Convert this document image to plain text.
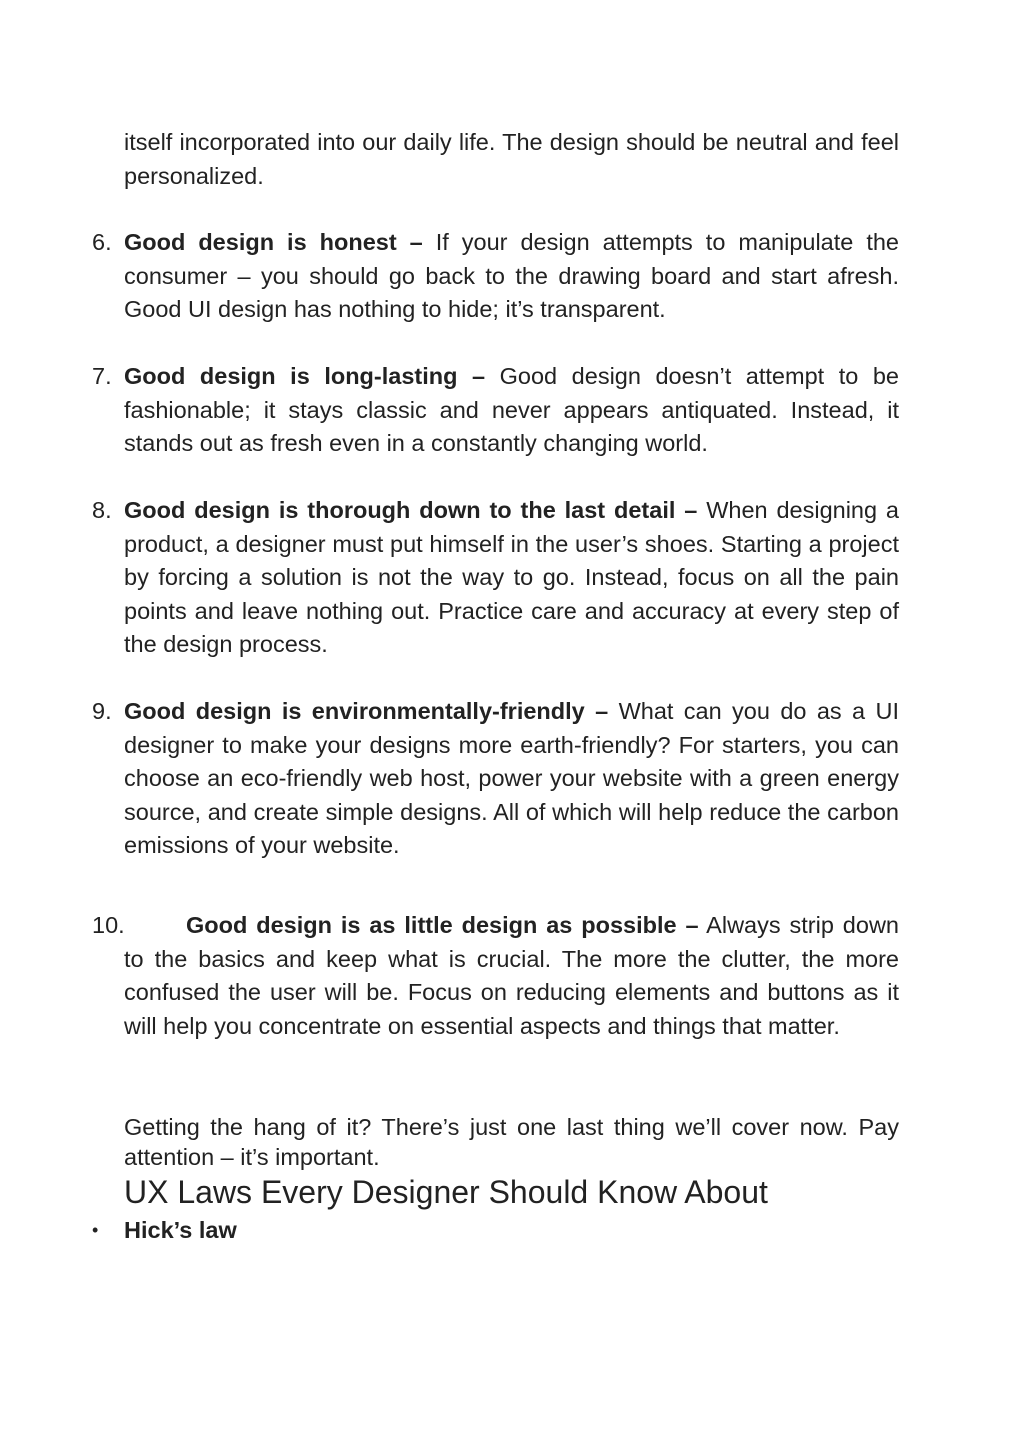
itself incorporated into our daily life. The design should be neutral and feel personalized.
6. Good design is honest – If your design attempts to manipulate the consumer – you should go back to the drawing board and start afresh. Good UI design has nothing to hide; it’s transparent.
7. Good design is long-lasting – Good design doesn’t attempt to be fashionable; it stays classic and never appears antiquated. Instead, it stands out as fresh even in a constantly changing world.
8. Good design is thorough down to the last detail – When designing a product, a designer must put himself in the user’s shoes. Starting a project by forcing a solution is not the way to go. Instead, focus on all the pain points and leave nothing out. Practice care and accuracy at every step of the design process.
9. Good design is environmentally-friendly – What can you do as a UI designer to make your designs more earth-friendly? For starters, you can choose an eco-friendly web host, power your website with a green energy source, and create simple designs. All of which will help reduce the carbon emissions of your website.
10.	Good design is as little design as possible – Always strip down to the basics and keep what is crucial. The more the clutter, the more confused the user will be. Focus on reducing elements and buttons as it will help you concentrate on essential aspects and things that matter.
Getting the hang of it? There’s just one last thing we’ll cover now. Pay attention – it’s important.
UX Laws Every Designer Should Know About
• Hick’s law
